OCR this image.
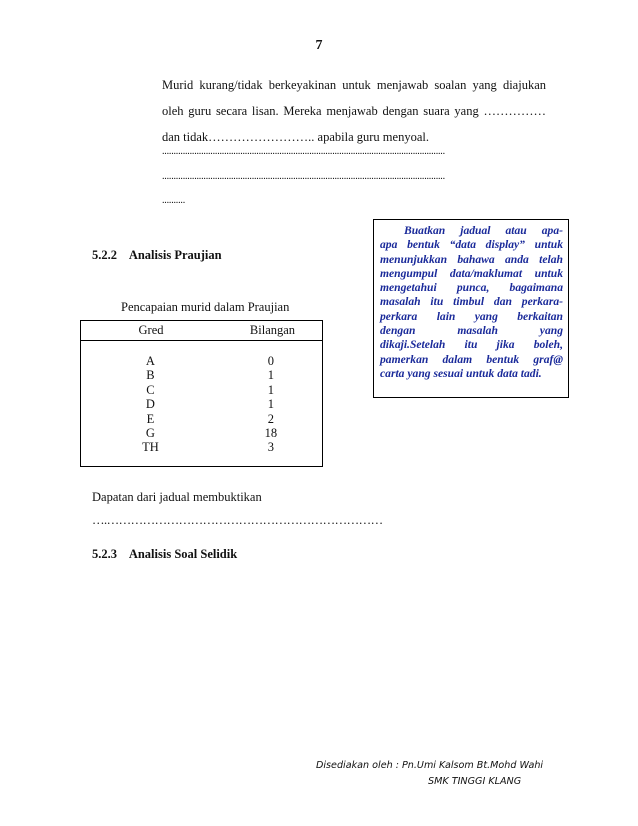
7
Murid kurang/tidak berkeyakinan untuk menjawab soalan yang diajukan
oleh guru secara lisan. Mereka menjawab dengan suara yang ……………
dan tidak…………………….. apabila guru menyoal.
...........................................................................................................................
...........................................................................................................................
..........
5.2.2 Analisis Praujian
Buatkan jadual atau apa-
apa bentuk “data display” untuk
menunjukkan bahawa anda telah
mengumpul data/maklumat untuk
mengetahui punca, bagaimana
masalah itu timbul dan perkara-
perkara lain yang berkaitan
dengan masalah yang
dikaji.Setelah itu jika boleh,
pamerkan dalam bentuk graf@
carta yang sesuai untuk data tadi.
Pencapaian murid dalam Praujian
Gred	Bilangan
A	0
B	1
C	1
D	1
E	2
G	18
TH	3
Dapatan dari jadual membuktikan
….……………………………………………………………
5.2.3 Analisis Soal Selidik
Disediakan oleh : Pn.Umi Kalsom Bt.Mohd Wahi
SMK TINGGI KLANG
